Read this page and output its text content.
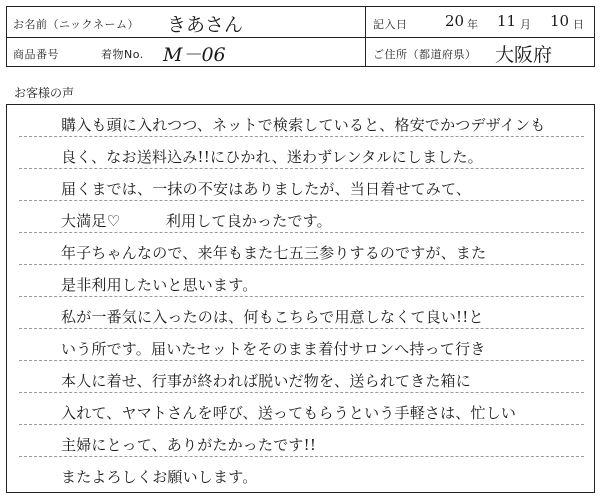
お名前（ニックネーム） きあさん	記入日	20 年 11 月 10 日
商品番号	着物No. M－06	ご住所（都道府県） 大阪府
お客様の声
購入も頭に入れつつ、ネットで検索していると、格安でかつデザインも
良く、なお送料込み!!にひかれ、迷わずレンタルにしました。
届くまでは、一抹の不安はありましたが、当日着せてみて、
大満足♡　　　利用して良かったです。
年子ちゃんなので、来年もまた七五三参りするのですが、また
是非利用したいと思います。
私が一番気に入ったのは、何もこちらで用意しなくて良い!!と
いう所です。届いたセットをそのまま着付サロンへ持って行き
本人に着せ、行事が終われば脱いだ物を、送られてきた箱に
入れて、ヤマトさんを呼び、送ってもらうという手軽さは、忙しい
主婦にとって、ありがたかったです!!
またよろしくお願いします。
